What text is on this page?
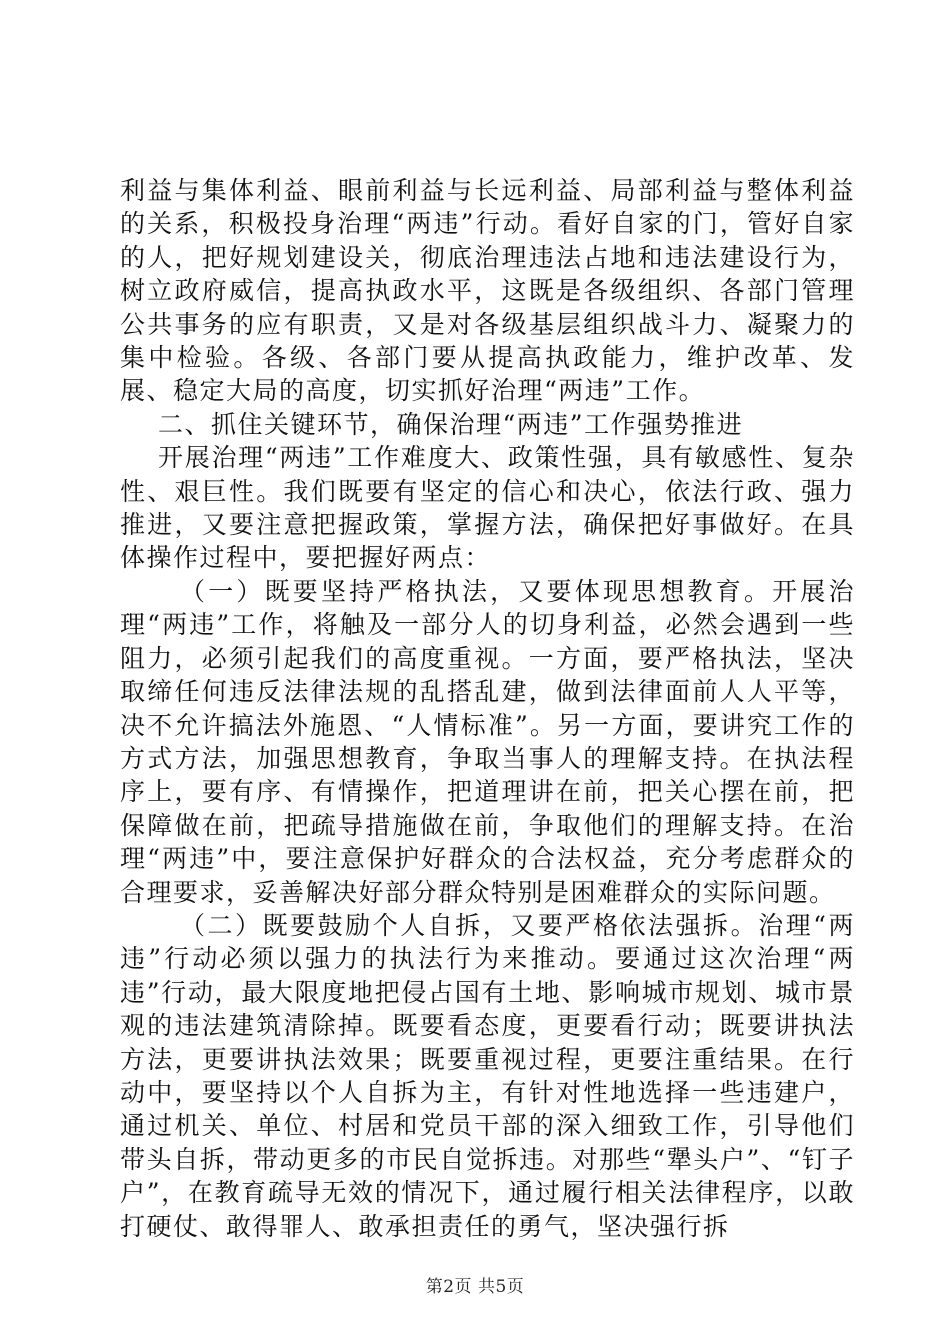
利益与集体利益、眼前利益与长远利益、局部利益与整体利益的关系，积极投身治理“两违”行动。看好自家的门，管好自家的人，把好规划建设关，彻底治理违法占地和违法建设行为，树立政府威信，提高执政水平，这既是各级组织、各部门管理公共事务的应有职责，又是对各级基层组织战斗力、凝聚力的集中检验。各级、各部门要从提高执政能力，维护改革、发展、稳定大局的高度，切实抓好治理“两违”工作。

二、抓住关键环节，确保治理“两违”工作强势推进

开展治理“两违”工作难度大、政策性强，具有敏感性、复杂性、艰巨性。我们既要有坚定的信心和决心，依法行政、强力推进，又要注意把握政策，掌握方法，确保把好事做好。在具体操作过程中，要把握好两点：

（一）既要坚持严格执法，又要体现思想教育。开展治理“两违”工作，将触及一部分人的切身利益，必然会遇到一些阻力，必须引起我们的高度重视。一方面，要严格执法，坚决取缔任何违反法律法规的乱搭乱建，做到法律面前人人平等，决不允许搞法外施恩、“人情标准”。另一方面，要讲究工作的方式方法，加强思想教育，争取当事人的理解支持。在执法程序上，要有序、有情操作，把道理讲在前，把关心摆在前，把保障做在前，把疏导措施做在前，争取他们的理解支持。在治理“两违”中，要注意保护好群众的合法权益，充分考虑群众的合理要求，妥善解决好部分群众特别是困难群众的实际问题。

（二）既要鼓励个人自拆，又要严格依法强拆。治理“两违”行动必须以强力的执法行为来推动。要通过这次治理“两违”行动，最大限度地把侵占国有土地、影响城市规划、城市景观的违法建筑清除掉。既要看态度，更要看行动；既要讲执法方法，更要讲执法效果；既要重视过程，更要注重结果。在行动中，要坚持以个人自拆为主，有针对性地选择一些违建户，通过机关、单位、村居和党员干部的深入细致工作，引导他们带头自拆，带动更多的市民自觉拆违。对那些“犟头户”、“钉子户”，在教育疏导无效的情况下，通过履行相关法律程序，以敢打硬仗、敢得罪人、敢承担责任的勇气，坚决强行拆

第2页 共5页
